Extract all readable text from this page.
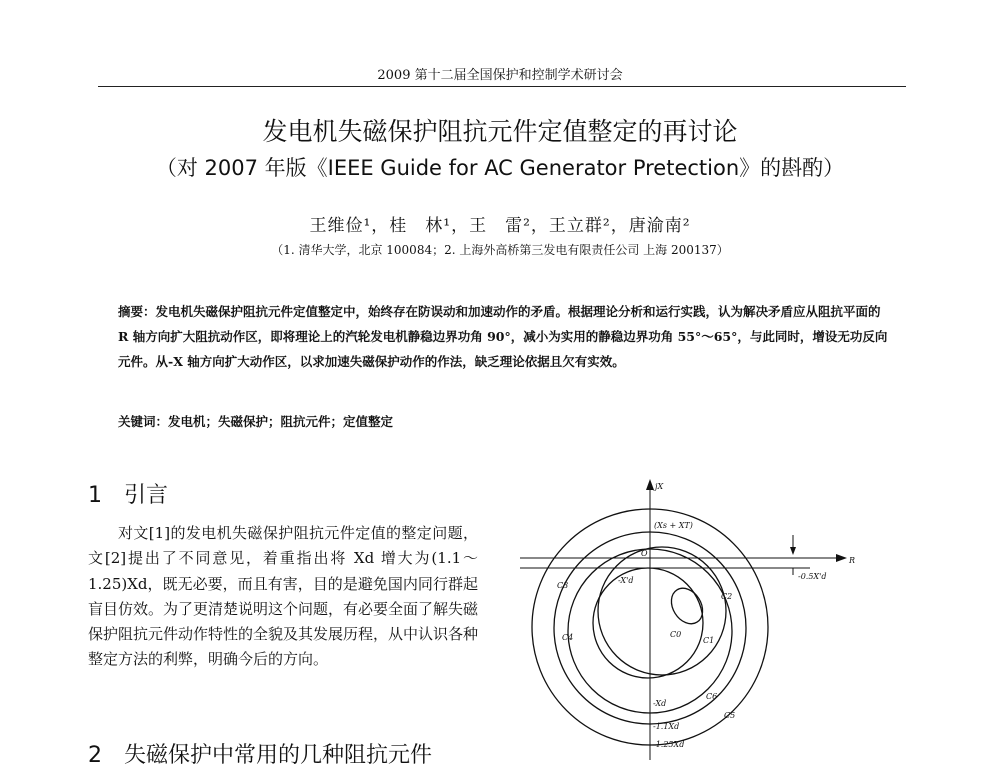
2009 第十二届全国保护和控制学术研讨会
发电机失磁保护阻抗元件定值整定的再讨论
（对 2007 年版《IEEE Guide for AC Generator Pretection》的斟酌）
王维俭¹，桂　林¹，王　雷²，王立群²，唐渝南²
（1. 清华大学，北京 100084；2. 上海外高桥第三发电有限责任公司 上海 200137）
摘要：发电机失磁保护阻抗元件定值整定中，始终存在防误动和加速动作的矛盾。根据理论分析和运行实践，认为解决矛盾应从阻抗平面的 R 轴方向扩大阻抗动作区，即将理论上的汽轮发电机静稳边界功角 90°，减小为实用的静稳边界功角 55°～65°，与此同时，增设无功反向元件。从-X 轴方向扩大动作区，以求加速失磁保护动作的作法，缺乏理论依据且欠有实效。
关键词：发电机；失磁保护；阻抗元件；定值整定
1 引言
对文[1]的发电机失磁保护阻抗元件定值的整定问题，文[2]提出了不同意见，着重指出将 Xd 增大为(1.1～1.25)Xd，既无必要，而且有害，目的是避免国内同行群起盲目仿效。为了更清楚说明这个问题，有必要全面了解失磁保护阻抗元件动作特性的全貌及其发展历程，从中认识各种整定方法的利弊，明确今后的方向。
2 失磁保护中常用的几种阻抗元件
jX
R
(Xs + XT)
O
-X'd	-0.5X'd
C0
C1
C2
C3
C4
-Xd
C6
C5
-1.1Xd
-1.25Xd
